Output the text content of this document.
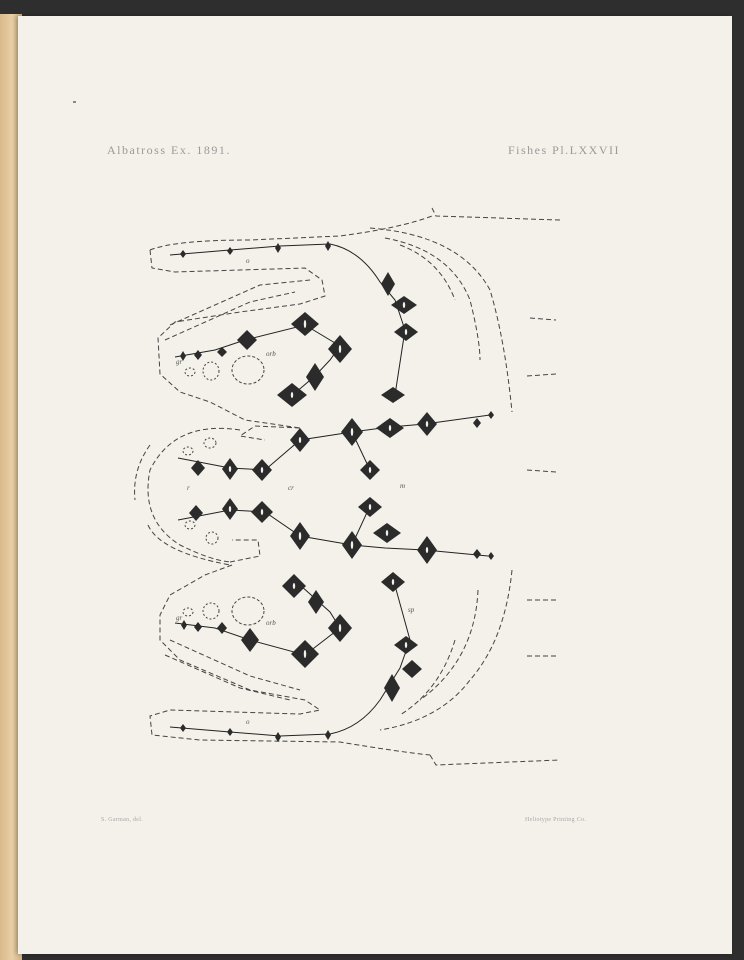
Albatross Ex. 1891.	Fishes Pl.LXXVII
o
gr
orb
r	cr	m
gr
orb
sp
o
S. Garman, del.	Heliotype Printing Co.
